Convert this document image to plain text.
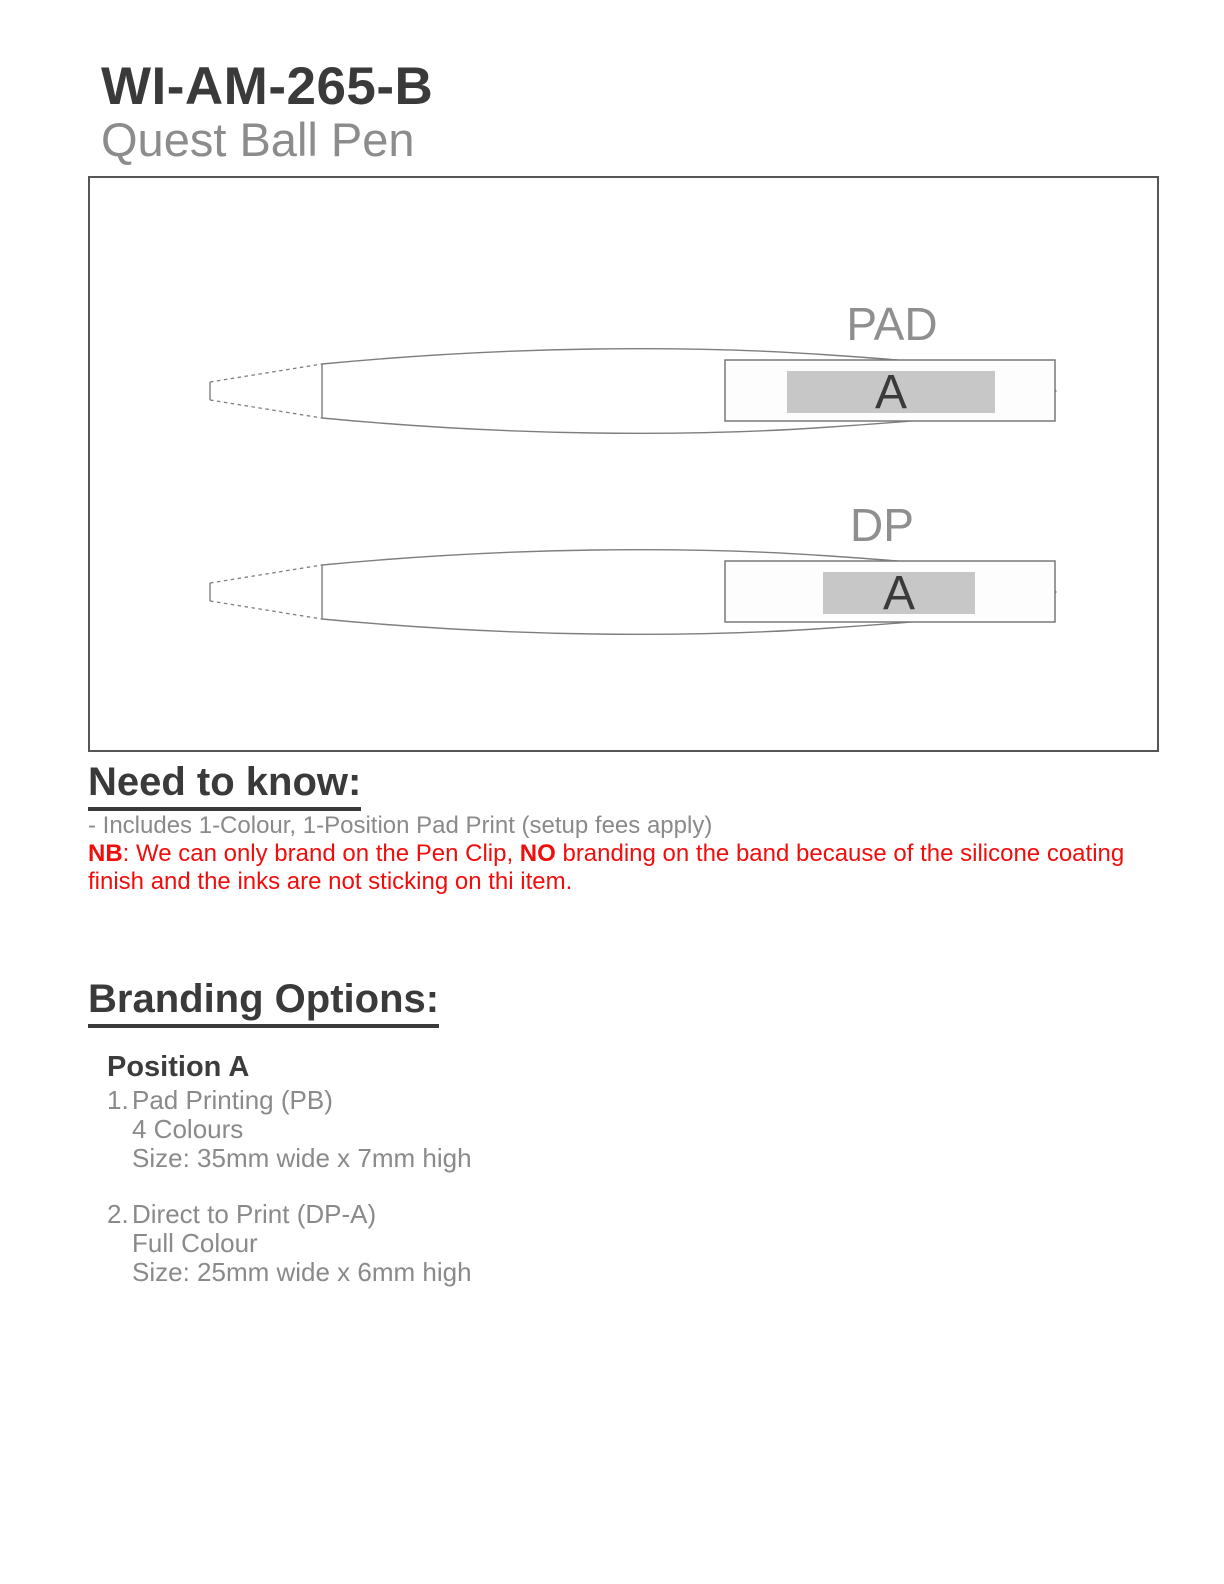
WI-AM-265-B
Quest Ball Pen
PAD
A
DP
A
Need to know:
- Includes 1-Colour, 1-Position Pad Print (setup fees apply)
NB: We can only brand on the Pen Clip, NO branding on the band because of the silicone coating finish and the inks are not sticking on thi item.
Branding Options:
Position A
1. Pad Printing (PB)
4 Colours
Size: 35mm wide x 7mm high
2. Direct to Print (DP-A)
Full Colour
Size: 25mm wide x 6mm high
